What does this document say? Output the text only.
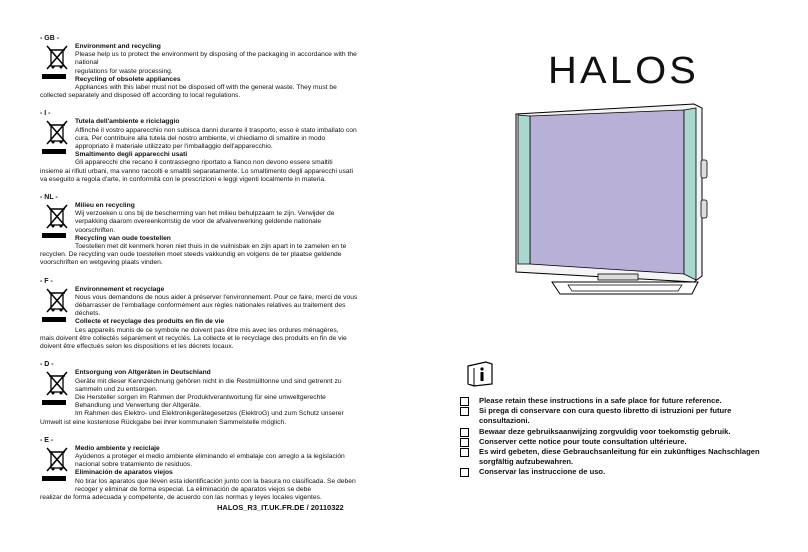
- GB -
Environment and recycling
Please help us to protect the environment by disposing of the packaging in accordance with the national
regulations for waste processing.
Recycling of obsolete appliances
Appliances with this label must not be disposed off with the general waste. They must be
collected separately and disposed off according to local regulations.
- I -
Tutela dell'ambiente e riciclaggio
Affinché il vostro apparecchio non subisca danni durante il trasporto, esso è stato imballato con cura. Per contribuire alla tutela del nostro ambiente, vi chiediamo di smaltire in modo appropriato il materiale utilizzato per l'imballaggio dell'apparecchio.
Smaltimento degli apparecchi usati
Gli apparecchi che recano il contrassegno riportato a fianco non devono essere smaltiti
insieme ai rifiuti urbani, ma vanno raccolti e smaltiti separatamente. Lo smaltimento degli apparecchi usati va eseguito a regola d'arte, in conformità con le prescrizioni e leggi vigenti localmente in materia.
- NL -
Milieu en recycling
Wij verzoeken u ons bij de bescherming van het milieu behulpzaam te zijn. Verwijder de verpakking daarom overeenkomstig de voor de afvalverwerking geldende nationale voorschriften.
Recycling van oude toestellen
Toestellen met dit kenmerk horen niet thuis in de vuilnisbak en zijn apart in te zamelen en te
recyclen. De recycling van oude toestellen moet steeds vakkundig en volgens de ter plaatse geldende voorschriften en wetgeving plaats vinden.
- F -
Environnement et recyclage
Nous vous demandons de nous aider à préserver l'environnement. Pour ce faire, merci de vous débarrasser de l'emballage conformément aux règles nationales relatives au traitement des déchets.
Collecte et recyclage des produits en fin de vie
Les appareils munis de ce symbole ne doivent pas être mis avec les ordures ménagères,
mais doivent être collectés séparément et recyclés. La collecte et le recyclage des produits en fin de vie doivent être effectués selon les dispositions et les décrets locaux.
- D -
Entsorgung von Altgeräten in Deutschland
Geräte mit dieser Kennzeichnung gehören nicht in die Restmülltonne und sind getrennt zu sammeln und zu entsorgen.
Die Hersteller sorgen im Rahmen der Produktverantwortung für eine umweltgerechte Behandlung und Verwertung der Altgeräte.
Im Rahmen des Elektro- und Elektronikgerätegesetzes (ElektroG) und zum Schutz unserer
Umwelt ist eine kostenlose Rückgabe bei ihrer kommunalen Sammelstelle möglich.
- E -
Medio ambiente y reciclaje
Ayúdenos a proteger el medio ambiente eliminando el embalaje con arreglo a la legislación nacional sobre tratamiento de residuos.
Eliminación de aparatos viejos
No tirar los aparatos que lleven esta identificación junto con la basura no clasificada. Se deben recoger y eliminar de forma especial. La eliminación de aparatos viejos se debe
realizar de forma adecuada y competente, de acuerdo con las normas y leyes locales vigentes.
HALOS_R3_IT.UK.FR.DE / 20110322
HALOS
Please retain these instructions in a safe place for future reference.
Si prega di conservare con cura questo libretto di istruzioni per future consultazioni.
Bewaar deze gebruiksaanwijzing zorgvuldig voor toekomstig gebruik.
Conserver cette notice pour toute consultation ultérieure.
Es wird gebeten, diese Gebrauchsanleitung für ein zukünftiges Nachschlagen sorgfältig aufzubewahren.
Conservar las instruccione de uso.
